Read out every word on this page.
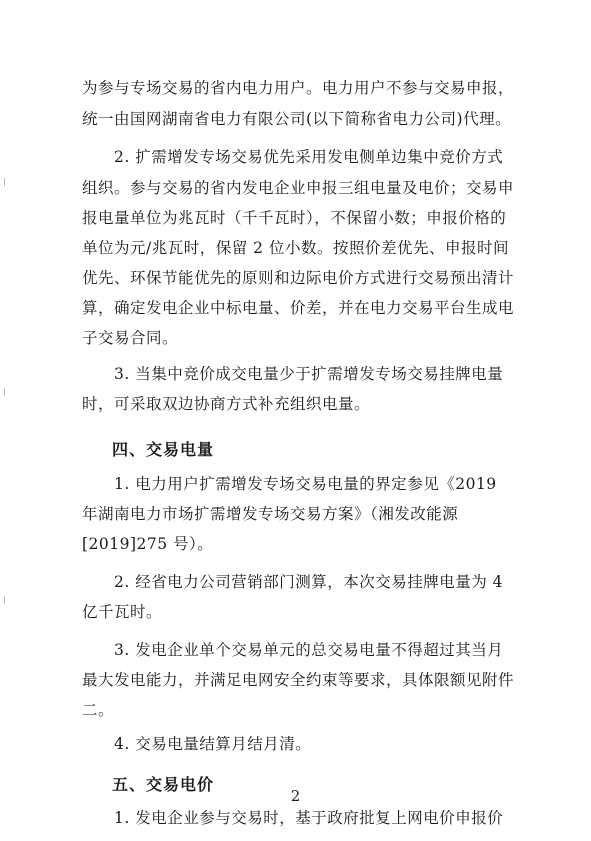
为参与专场交易的省内电力用户。电力用户不参与交易申报，
统一由国网湖南省电力有限公司(以下简称省电力公司)代理。
2. 扩需增发专场交易优先采用发电侧单边集中竞价方式
组织。参与交易的省内发电企业申报三组电量及电价；交易申
报电量单位为兆瓦时（千千瓦时），不保留小数；申报价格的
单位为元/兆瓦时，保留 2 位小数。按照价差优先、申报时间
优先、环保节能优先的原则和边际电价方式进行交易预出清计
算，确定发电企业中标电量、价差，并在电力交易平台生成电
子交易合同。
3. 当集中竞价成交电量少于扩需增发专场交易挂牌电量
时，可采取双边协商方式补充组织电量。
四、交易电量
1. 电力用户扩需增发专场交易电量的界定参见《2019
年湖南电力市场扩需增发专场交易方案》（湘发改能源
[2019]275 号）。
2. 经省电力公司营销部门测算，本次交易挂牌电量为 4
亿千瓦时。
3. 发电企业单个交易单元的总交易电量不得超过其当月
最大发电能力，并满足电网安全约束等要求，具体限额见附件
二。
4. 交易电量结算月结月清。
五、交易电价
1. 发电企业参与交易时，基于政府批复上网电价申报价
2
